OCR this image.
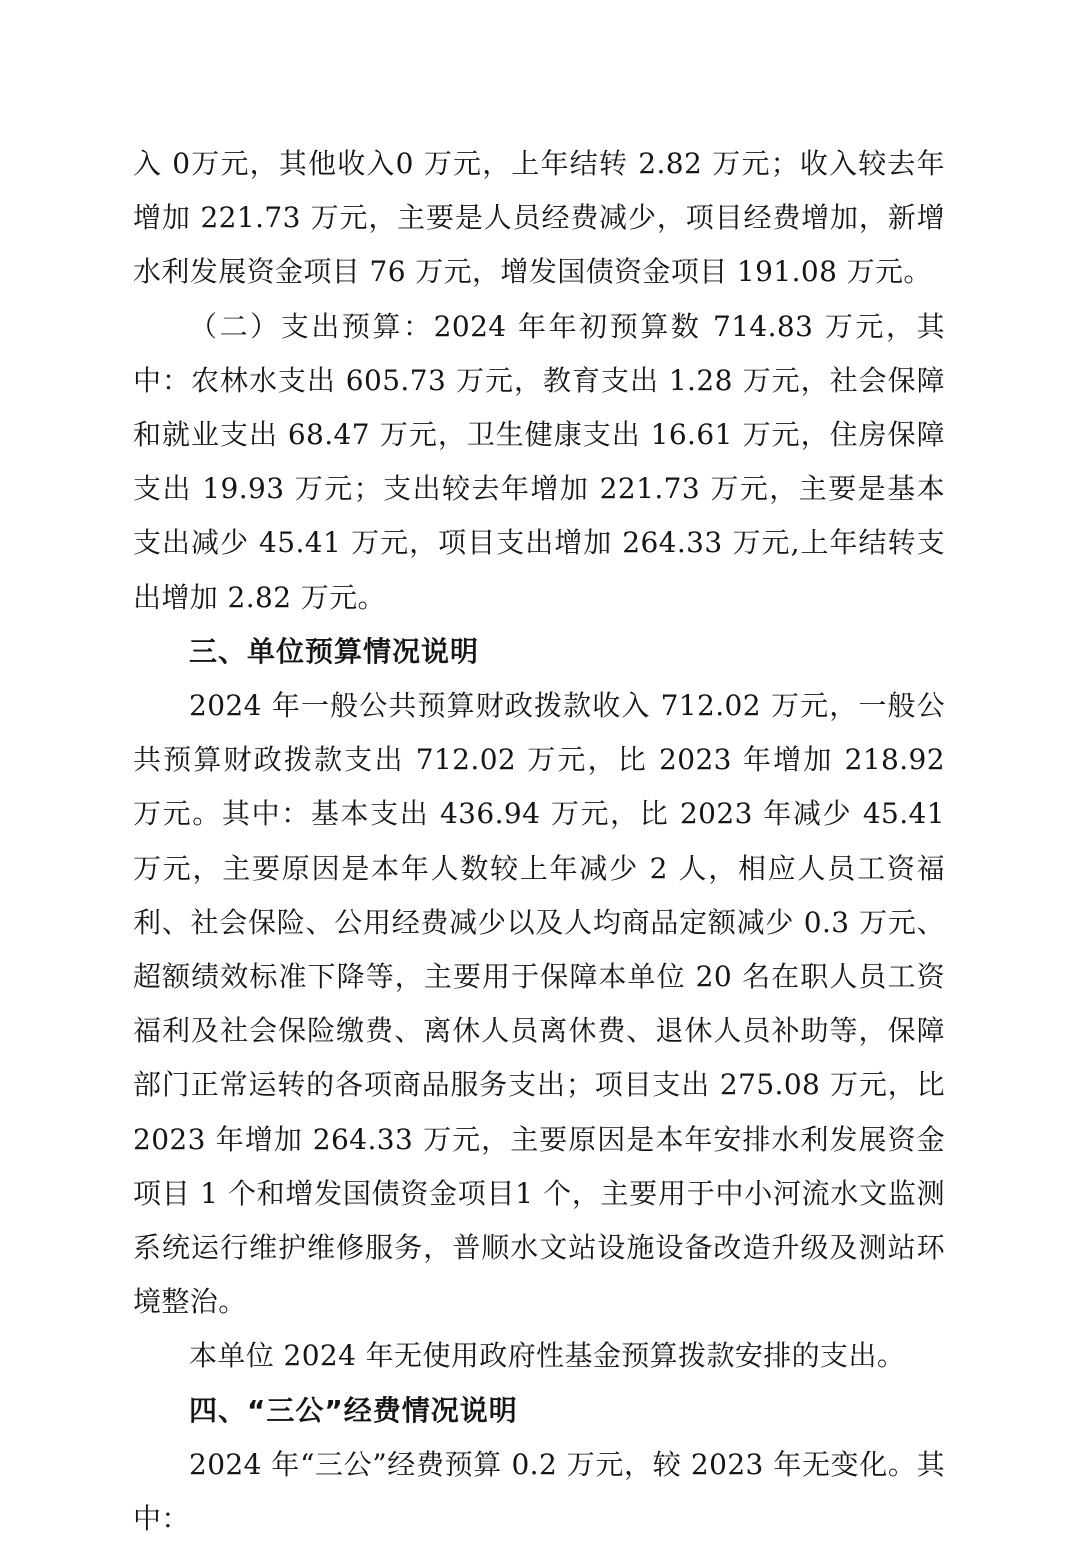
入 0万元，其他收入0 万元，上年结转 2.82 万元；收入较去年增加 221.73 万元，主要是人员经费减少，项目经费增加，新增水利发展资金项目 76 万元，增发国债资金项目 191.08 万元。

（二）支出预算：2024 年年初预算数 714.83 万元，其中：农林水支出 605.73 万元，教育支出 1.28 万元，社会保障和就业支出 68.47 万元，卫生健康支出 16.61 万元，住房保障支出 19.93 万元；支出较去年增加 221.73 万元，主要是基本支出减少 45.41 万元，项目支出增加 264.33 万元,上年结转支出增加 2.82 万元。

三、单位预算情况说明

2024 年一般公共预算财政拨款收入 712.02 万元，一般公共预算财政拨款支出 712.02 万元，比 2023 年增加 218.92 万元。其中：基本支出 436.94 万元，比 2023 年减少 45.41 万元，主要原因是本年人数较上年减少 2 人，相应人员工资福利、社会保险、公用经费减少以及人均商品定额减少 0.3 万元、超额绩效标准下降等，主要用于保障本单位 20 名在职人员工资福利及社会保险缴费、离休人员离休费、退休人员补助等，保障部门正常运转的各项商品服务支出；项目支出 275.08 万元，比 2023 年增加 264.33 万元，主要原因是本年安排水利发展资金项目 1 个和增发国债资金项目1 个，主要用于中小河流水文监测系统运行维护维修服务，普顺水文站设施设备改造升级及测站环境整治。

本单位 2024 年无使用政府性基金预算拨款安排的支出。

四、“三公”经费情况说明

2024 年“三公”经费预算 0.2 万元，较 2023 年无变化。其中：
